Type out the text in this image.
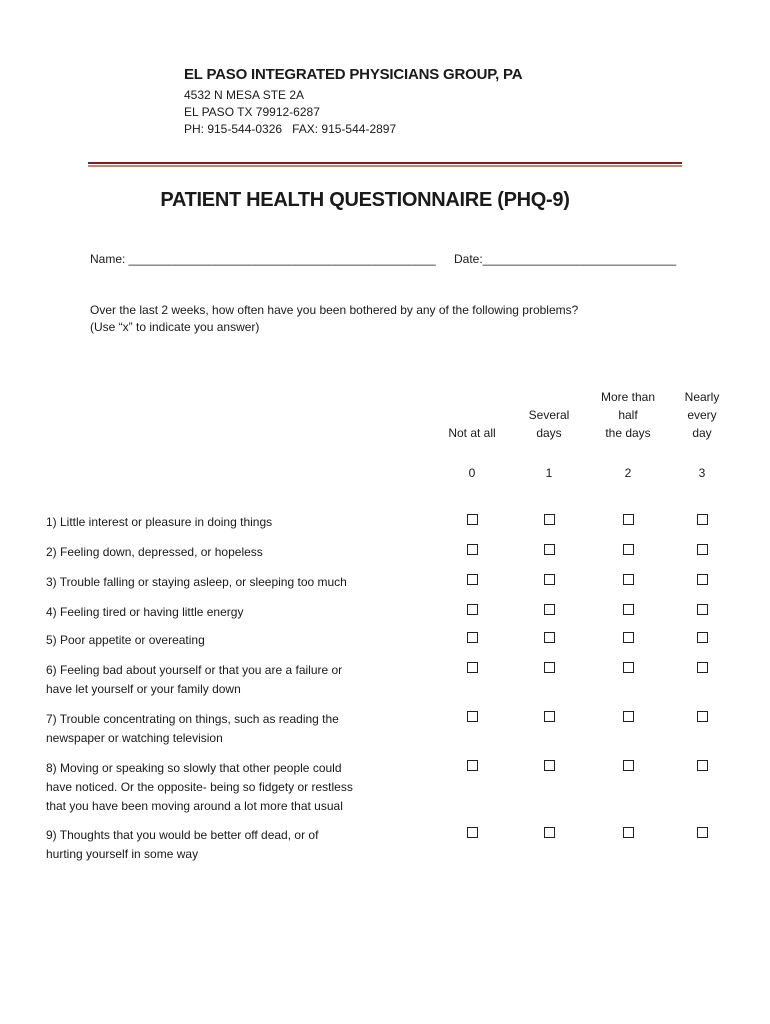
EL PASO INTEGRATED PHYSICIANS GROUP, PA
4532 N MESA STE 2A
EL PASO TX 79912-6287
PH: 915-544-0326   FAX: 915-544-2897
PATIENT HEALTH QUESTIONNAIRE (PHQ-9)
Name: ______________________________________________ Date:_____________________________
Over the last 2 weeks, how often have you been bothered by any of the following problems?
(Use “x” to indicate you answer)
Not at all
0
Several
days
1
More than
half
the days
2
Nearly
every
day
3
1) Little interest or pleasure in doing things
2) Feeling down, depressed, or hopeless
3) Trouble falling or staying asleep, or sleeping too much
4) Feeling tired or having little energy
5) Poor appetite or overeating
6) Feeling bad about yourself or that you are a failure or
have let yourself or your family down
7) Trouble concentrating on things, such as reading the
newspaper or watching television
8) Moving or speaking so slowly that other people could
have noticed. Or the opposite- being so fidgety or restless
that you have been moving around a lot more that usual
9) Thoughts that you would be better off dead, or of
hurting yourself in some way
